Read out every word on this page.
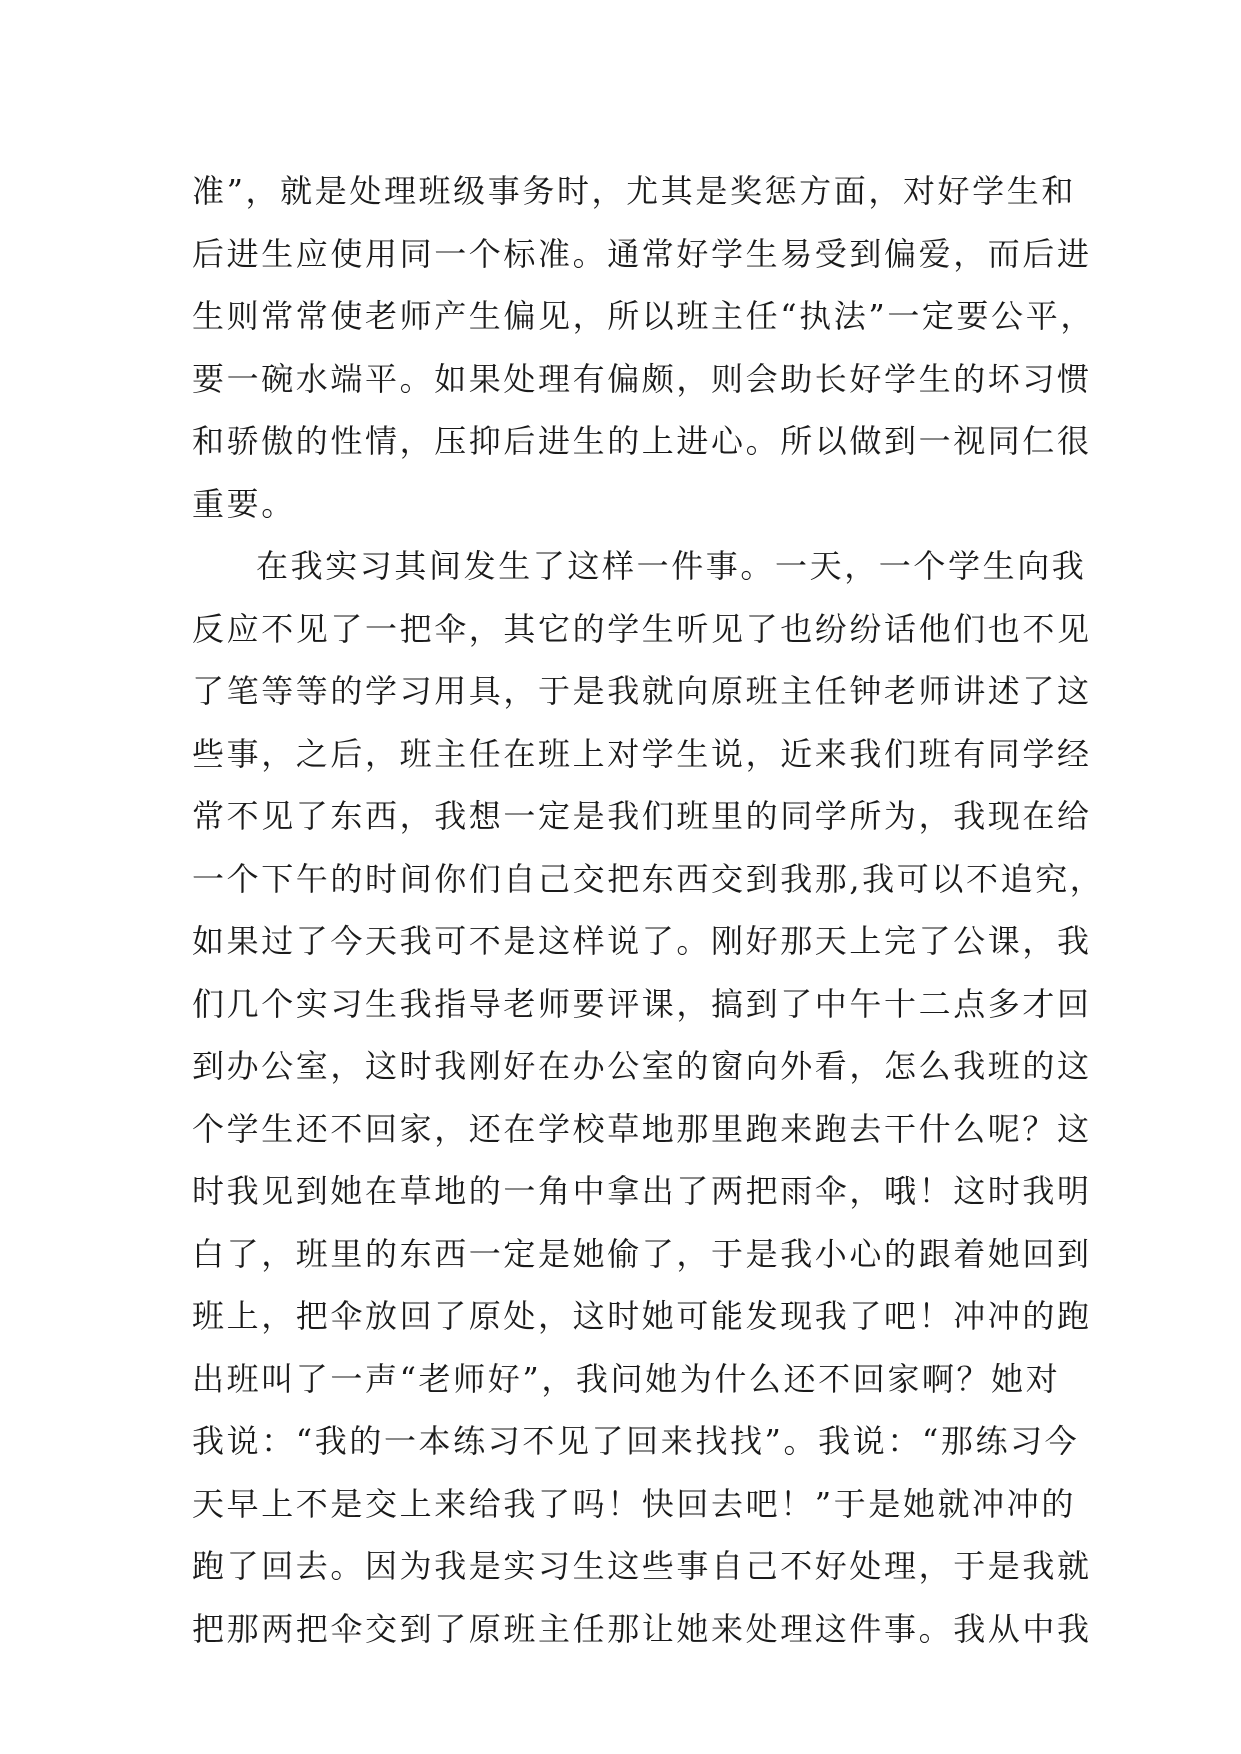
准”，就是处理班级事务时，尤其是奖惩方面，对好学生和
后进生应使用同一个标准。通常好学生易受到偏爱，而后进
生则常常使老师产生偏见，所以班主任“执法”一定要公平，
要一碗水端平。如果处理有偏颇，则会助长好学生的坏习惯
和骄傲的性情，压抑后进生的上进心。所以做到一视同仁很
重要。
在我实习其间发生了这样一件事。一天，一个学生向我
反应不见了一把伞，其它的学生听见了也纷纷话他们也不见
了笔等等的学习用具，于是我就向原班主任钟老师讲述了这
些事，之后，班主任在班上对学生说，近来我们班有同学经
常不见了东西，我想一定是我们班里的同学所为，我现在给
一个下午的时间你们自己交把东西交到我那,我可以不追究，
如果过了今天我可不是这样说了。刚好那天上完了公课，我
们几个实习生我指导老师要评课，搞到了中午十二点多才回
到办公室，这时我刚好在办公室的窗向外看，怎么我班的这
个学生还不回家，还在学校草地那里跑来跑去干什么呢？这
时我见到她在草地的一角中拿出了两把雨伞，哦！这时我明
白了，班里的东西一定是她偷了，于是我小心的跟着她回到
班上，把伞放回了原处，这时她可能发现我了吧！冲冲的跑
出班叫了一声“老师好”，我问她为什么还不回家啊？她对
我说：“我的一本练习不见了回来找找”。我说：“那练习今
天早上不是交上来给我了吗！快回去吧！”于是她就冲冲的
跑了回去。因为我是实习生这些事自己不好处理，于是我就
把那两把伞交到了原班主任那让她来处理这件事。我从中我
